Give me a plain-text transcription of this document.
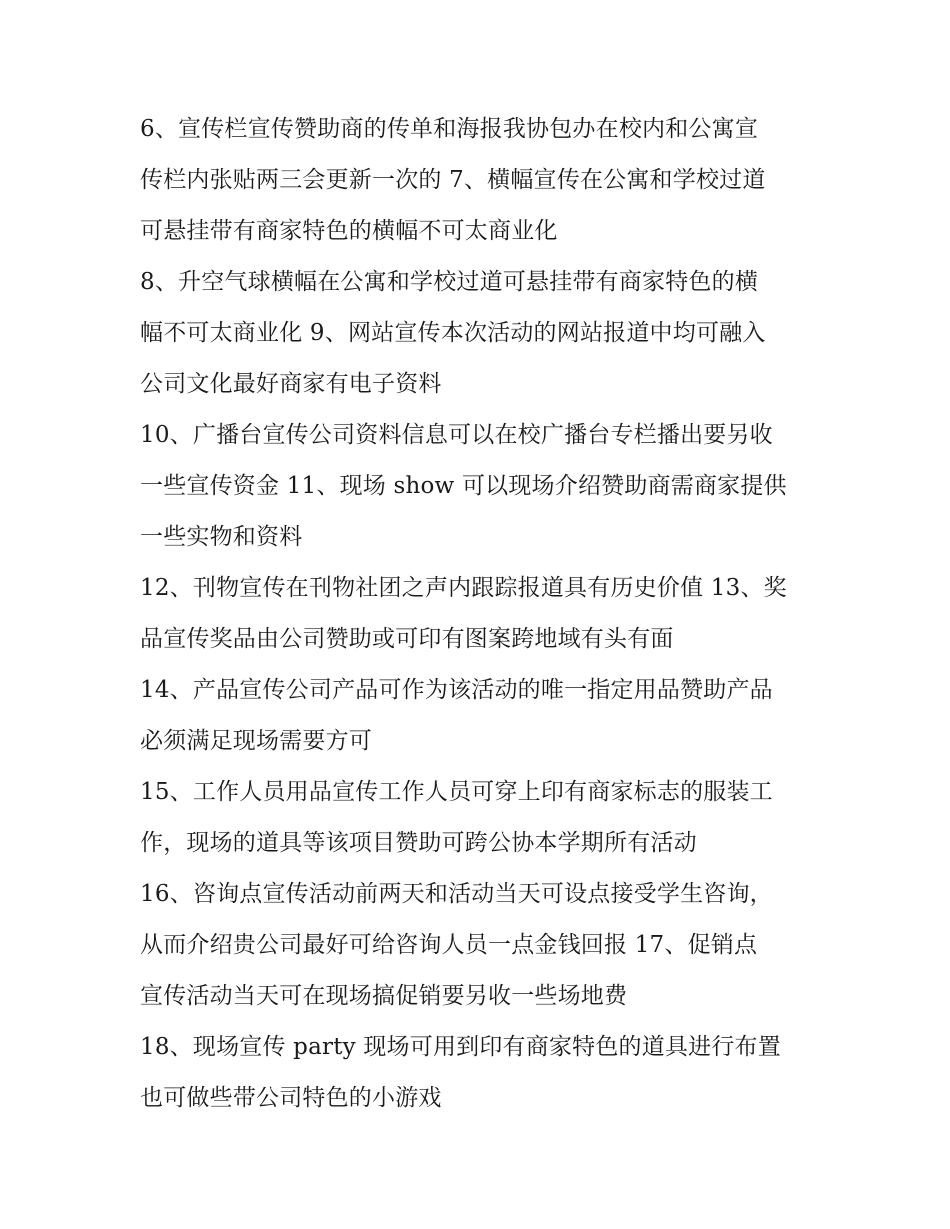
6、宣传栏宣传赞助商的传单和海报我协包办在校内和公寓宣
传栏内张贴两三会更新一次的 7、横幅宣传在公寓和学校过道
可悬挂带有商家特色的横幅不可太商业化

8、升空气球横幅在公寓和学校过道可悬挂带有商家特色的横
幅不可太商业化 9、网站宣传本次活动的网站报道中均可融入
公司文化最好商家有电子资料

10、广播台宣传公司资料信息可以在校广播台专栏播出要另收
一些宣传资金 11、现场 show 可以现场介绍赞助商需商家提供
一些实物和资料

12、刊物宣传在刊物社团之声内跟踪报道具有历史价值 13、奖
品宣传奖品由公司赞助或可印有图案跨地域有头有面

14、产品宣传公司产品可作为该活动的唯一指定用品赞助产品
必须满足现场需要方可

15、工作人员用品宣传工作人员可穿上印有商家标志的服装工
作，现场的道具等该项目赞助可跨公协本学期所有活动

16、咨询点宣传活动前两天和活动当天可设点接受学生咨询，
从而介绍贵公司最好可给咨询人员一点金钱回报 17、促销点
宣传活动当天可在现场搞促销要另收一些场地费

18、现场宣传 party 现场可用到印有商家特色的道具进行布置
也可做些带公司特色的小游戏
